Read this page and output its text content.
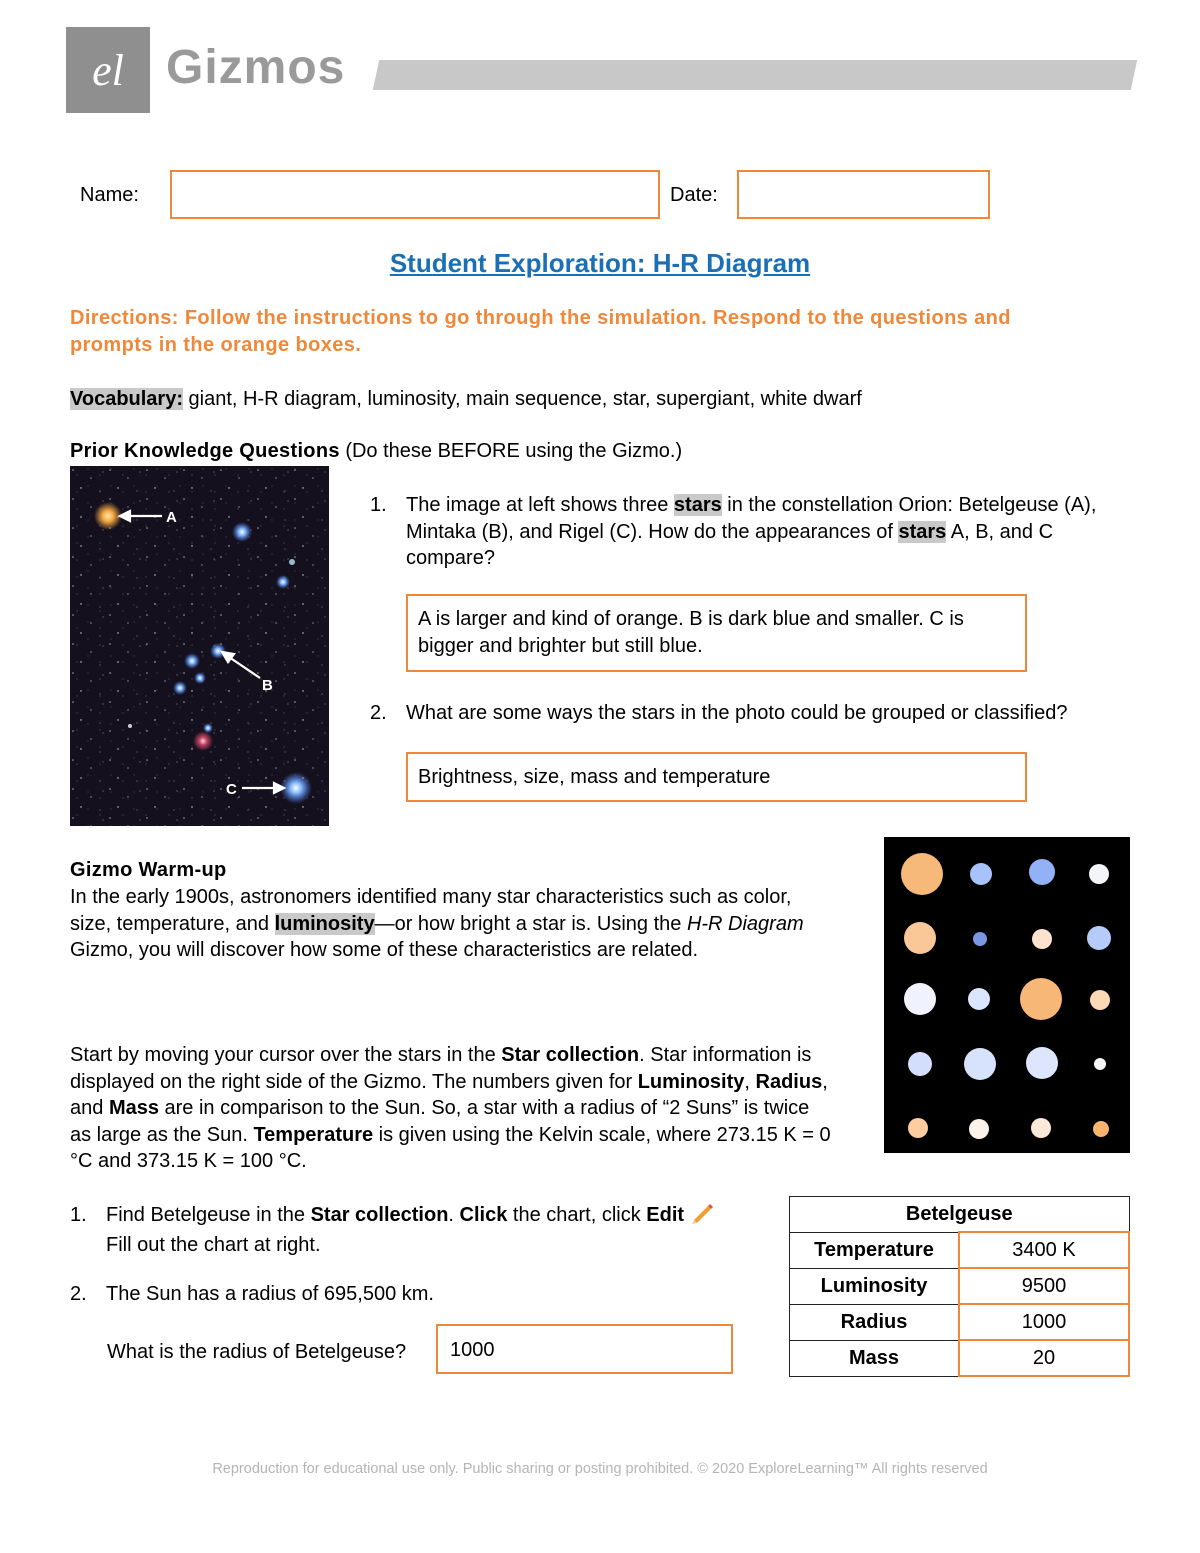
el Gizmos
Name:	Date:
Student Exploration: H-R Diagram
Directions: Follow the instructions to go through the simulation. Respond to the questions and prompts in the orange boxes.
Vocabulary: giant, H-R diagram, luminosity, main sequence, star, supergiant, white dwarf
Prior Knowledge Questions (Do these BEFORE using the Gizmo.)
A
B
C
1. The image at left shows three stars in the constellation Orion: Betelgeuse (A), Mintaka (B), and Rigel (C). How do the appearances of stars A, B, and C compare?
A is larger and kind of orange. B is dark blue and smaller. C is bigger and brighter but still blue.
2. What are some ways the stars in the photo could be grouped or classified?
Brightness, size, mass and temperature
Gizmo Warm-up
In the early 1900s, astronomers identified many star characteristics such as color, size, temperature, and luminosity—or how bright a star is. Using the H-R Diagram Gizmo, you will discover how some of these characteristics are related.
Start by moving your cursor over the stars in the Star collection. Star information is displayed on the right side of the Gizmo. The numbers given for Luminosity, Radius, and Mass are in comparison to the Sun. So, a star with a radius of “2 Suns” is twice as large as the Sun. Temperature is given using the Kelvin scale, where 273.15 K = 0 °C and 373.15 K = 100 °C.
1. Find Betelgeuse in the Star collection. Click the chart, click Edit
Fill out the chart at right.
2. The Sun has a radius of 695,500 km.
What is the radius of Betelgeuse?	1000
Betelgeuse	
Temperature	3400 K
Luminosity	9500
Radius	1000
Mass	20
Reproduction for educational use only. Public sharing or posting prohibited. © 2020 ExploreLearning™ All rights reserved
